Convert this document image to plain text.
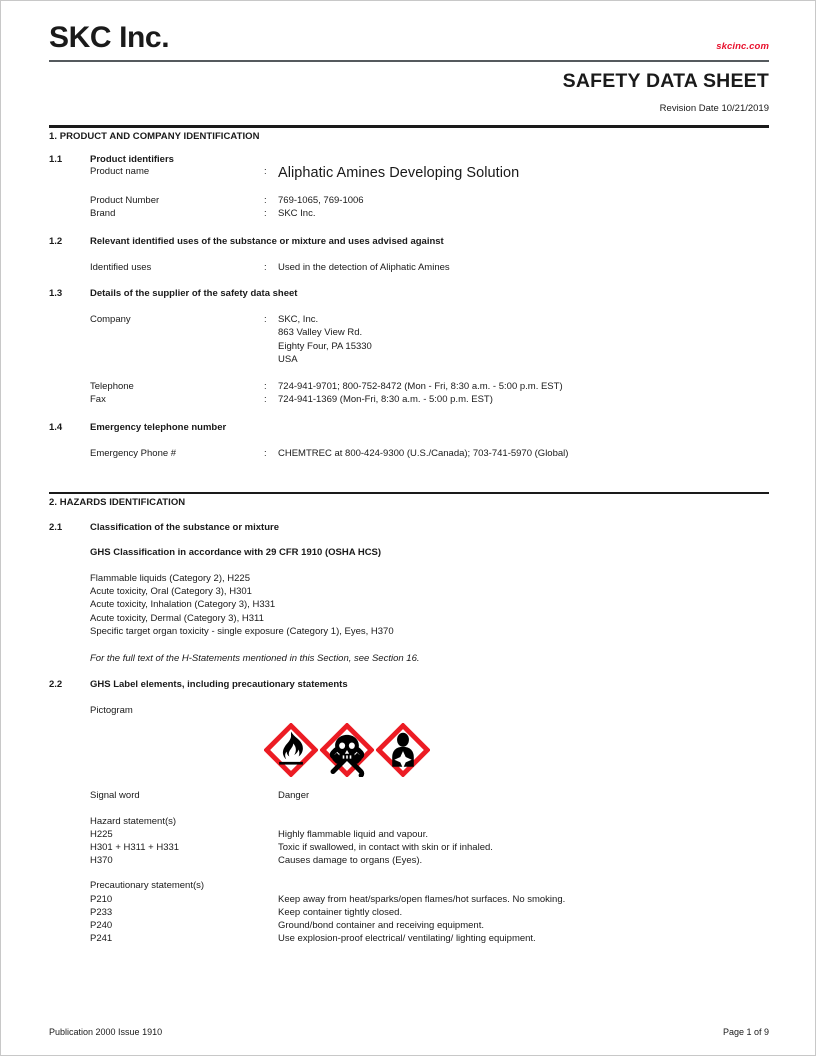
SKC Inc.	skcinc.com
SAFETY DATA SHEET
Revision Date 10/21/2019
1. PRODUCT AND COMPANY IDENTIFICATION
1.1	Product identifiers
Product name	: Aliphatic Amines Developing Solution
Product Number	: 769-1065, 769-1006
Brand	: SKC Inc.
1.2	Relevant identified uses of the substance or mixture and uses advised against
Identified uses	: Used in the detection of Aliphatic Amines
1.3	Details of the supplier of the safety data sheet
Company	: SKC, Inc.
863 Valley View Rd.
Eighty Four, PA 15330
USA
Telephone	: 724-941-9701; 800-752-8472 (Mon - Fri, 8:30 a.m. - 5:00 p.m. EST)
Fax	: 724-941-1369 (Mon-Fri, 8:30 a.m. - 5:00 p.m. EST)
1.4	Emergency telephone number
Emergency Phone #	: CHEMTREC at 800-424-9300 (U.S./Canada); 703-741-5970 (Global)
2. HAZARDS IDENTIFICATION
2.1	Classification of the substance or mixture
GHS Classification in accordance with 29 CFR 1910 (OSHA HCS)
Flammable liquids (Category 2), H225
Acute toxicity, Oral (Category 3), H301
Acute toxicity, Inhalation (Category 3), H331
Acute toxicity, Dermal (Category 3), H311
Specific target organ toxicity - single exposure (Category 1), Eyes, H370
For the full text of the H-Statements mentioned in this Section, see Section 16.
2.2	GHS Label elements, including precautionary statements
Pictogram
Signal word	Danger
Hazard statement(s)
H225	Highly flammable liquid and vapour.
H301 + H311 + H331	Toxic if swallowed, in contact with skin or if inhaled.
H370	Causes damage to organs (Eyes).
Precautionary statement(s)
P210	Keep away from heat/sparks/open flames/hot surfaces. No smoking.
P233	Keep container tightly closed.
P240	Ground/bond container and receiving equipment.
P241	Use explosion-proof electrical/ ventilating/ lighting equipment.
Publication 2000 Issue 1910	Page 1 of 9
